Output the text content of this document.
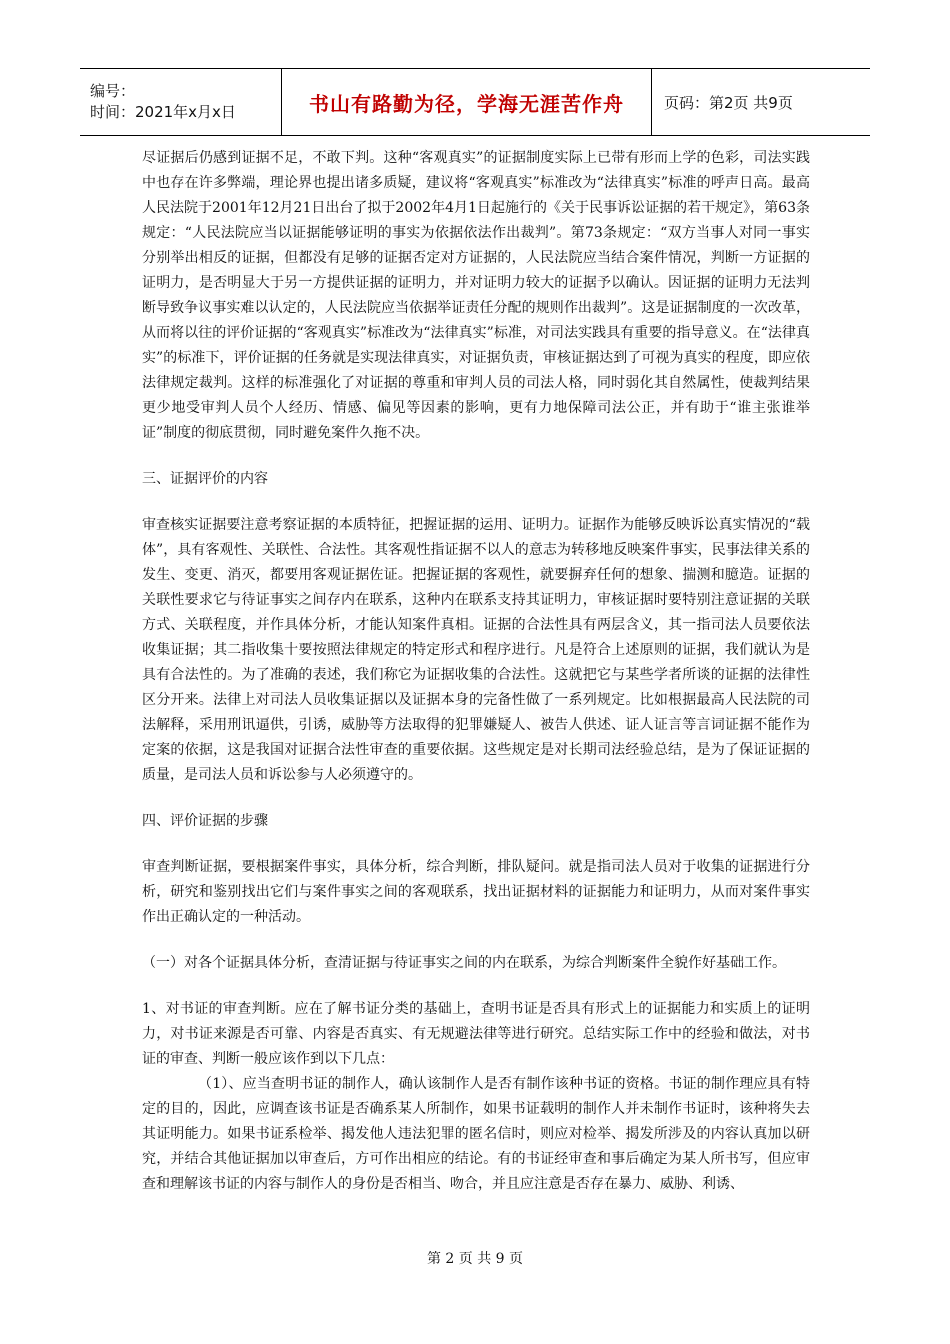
编号：
时间：2021年x月x日	书山有路勤为径，学海无涯苦作舟	页码：第2页 共9页

尽证据后仍感到证据不足，不敢下判。这种“客观真实”的证据制度实际上已带有形而上学的色彩，司法实践中也存在许多弊端，理论界也提出诸多质疑，建议将“客观真实”标准改为“法律真实”标准的呼声日高。最高人民法院于2001年12月21日出台了拟于2002年4月1日起施行的《关于民事诉讼证据的若干规定》，第63条规定：“人民法院应当以证据能够证明的事实为依据依法作出裁判”。第73条规定：“双方当事人对同一事实分别举出相反的证据，但都没有足够的证据否定对方证据的，人民法院应当结合案件情况，判断一方证据的证明力，是否明显大于另一方提供证据的证明力，并对证明力较大的证据予以确认。因证据的证明力无法判断导致争议事实难以认定的，人民法院应当依据举证责任分配的规则作出裁判”。这是证据制度的一次改革，从而将以往的评价证据的“客观真实”标准改为“法律真实”标准，对司法实践具有重要的指导意义。在“法律真实”的标准下，评价证据的任务就是实现法律真实，对证据负责，审核证据达到了可视为真实的程度，即应依法律规定裁判。这样的标准强化了对证据的尊重和审判人员的司法人格，同时弱化其自然属性，使裁判结果更少地受审判人员个人经历、情感、偏见等因素的影响，更有力地保障司法公正，并有助于“谁主张谁举证”制度的彻底贯彻，同时避免案件久拖不决。

三、证据评价的内容

审查核实证据要注意考察证据的本质特征，把握证据的运用、证明力。证据作为能够反映诉讼真实情况的“载体”，具有客观性、关联性、合法性。其客观性指证据不以人的意志为转移地反映案件事实，民事法律关系的发生、变更、消灭，都要用客观证据佐证。把握证据的客观性，就要摒弃任何的想象、揣测和臆造。证据的关联性要求它与待证事实之间存内在联系，这种内在联系支持其证明力，审核证据时要特别注意证据的关联方式、关联程度，并作具体分析，才能认知案件真相。证据的合法性具有两层含义，其一指司法人员要依法收集证据；其二指收集十要按照法律规定的特定形式和程序进行。凡是符合上述原则的证据，我们就认为是具有合法性的。为了准确的表述，我们称它为证据收集的合法性。这就把它与某些学者所谈的证据的法律性区分开来。法律上对司法人员收集证据以及证据本身的完备性做了一系列规定。比如根据最高人民法院的司法解释，采用刑讯逼供，引诱，威胁等方法取得的犯罪嫌疑人、被告人供述、证人证言等言词证据不能作为定案的依据，这是我国对证据合法性审查的重要依据。这些规定是对长期司法经验总结，是为了保证证据的质量，是司法人员和诉讼参与人必须遵守的。

四、评价证据的步骤

审查判断证据，要根据案件事实，具体分析，综合判断，排队疑问。就是指司法人员对于收集的证据进行分析，研究和鉴别找出它们与案件事实之间的客观联系，找出证据材料的证据能力和证明力，从而对案件事实作出正确认定的一种活动。

（一）对各个证据具体分析，查清证据与待证事实之间的内在联系，为综合判断案件全貌作好基础工作。

1、对书证的审查判断。应在了解书证分类的基础上，查明书证是否具有形式上的证据能力和实质上的证明力，对书证来源是否可靠、内容是否真实、有无规避法律等进行研究。总结实际工作中的经验和做法，对书证的审查、判断一般应该作到以下几点：

（1）、应当查明书证的制作人，确认该制作人是否有制作该种书证的资格。书证的制作理应具有特定的目的，因此，应调查该书证是否确系某人所制作，如果书证载明的制作人并未制作书证时，该种将失去其证明能力。如果书证系检举、揭发他人违法犯罪的匿名信时，则应对检举、揭发所涉及的内容认真加以研究，并结合其他证据加以审查后，方可作出相应的结论。有的书证经审查和事后确定为某人所书写，但应审查和理解该书证的内容与制作人的身份是否相当、吻合，并且应注意是否存在暴力、威胁、利诱、

第 2 页 共 9 页
